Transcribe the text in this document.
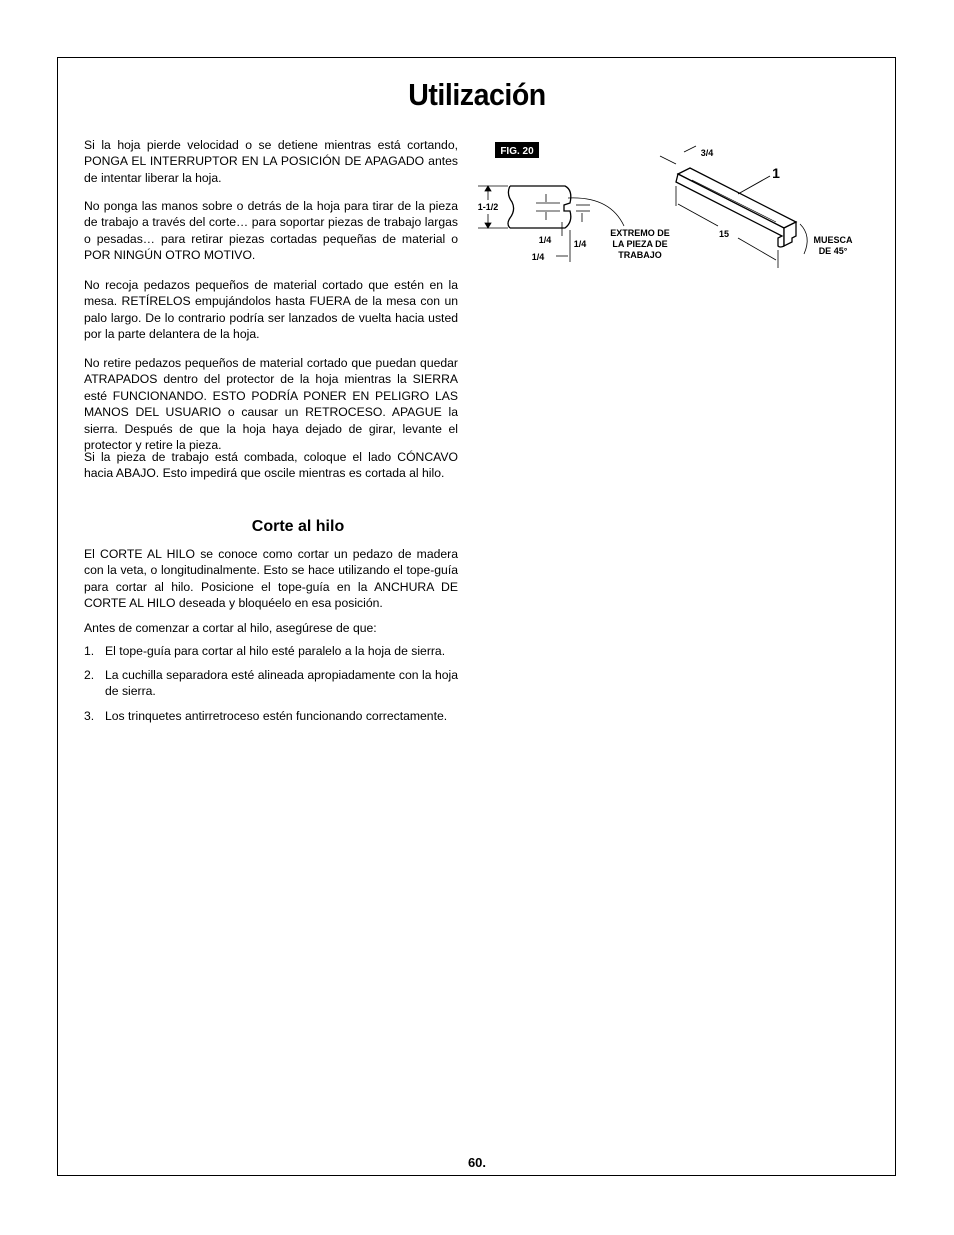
Utilización

Si la hoja pierde velocidad o se detiene mientras está cortando, PONGA EL INTERRUPTOR EN LA POSICIÓN DE APAGADO antes de intentar liberar la hoja.

No ponga las manos sobre o detrás de la hoja para tirar de la pieza de trabajo a través del corte… para soportar piezas de trabajo largas o pesadas… para retirar piezas cortadas pequeñas de material o POR NINGÚN OTRO MOTIVO.

No recoja pedazos pequeños de material cortado que estén en la mesa. RETÍRELOS empujándolos hasta FUERA de la mesa con un palo largo. De lo contrario podría ser lanzados de vuelta hacia usted por la parte delantera de la hoja.

No retire pedazos pequeños de material cortado que puedan quedar ATRAPADOS dentro del protector de la hoja mientras la SIERRA esté FUNCIONANDO. ESTO PODRÍA PONER EN PELIGRO LAS MANOS DEL USUARIO o causar un RETROCESO. APAGUE la sierra. Después de que la hoja haya dejado de girar, levante el protector y retire la pieza.

Si la pieza de trabajo está combada, coloque el lado CÓNCAVO hacia ABAJO. Esto impedirá que oscile mientras es cortada al hilo.

Corte al hilo

El CORTE AL HILO se conoce como cortar un pedazo de madera con la veta, o longitudinalmente. Esto se hace utilizando el tope-guía para cortar al hilo. Posicione el tope-guía en la ANCHURA DE CORTE AL HILO deseada y bloquéelo en esa posición.

Antes de comenzar a cortar al hilo, asegúrese de que:

1. El tope-guía para cortar al hilo esté paralelo a la hoja de sierra.
2. La cuchilla separadora esté alineada apropiadamente con la hoja de sierra.
3. Los trinquetes antirretroceso estén funcionando correctamente.
FIG. 20
1-1/2
1/4 1/4
1/4
EXTREMO DE
LA PIEZA DE
TRABAJO
3/4
15
1
MUESCA
DE 45°
60.
